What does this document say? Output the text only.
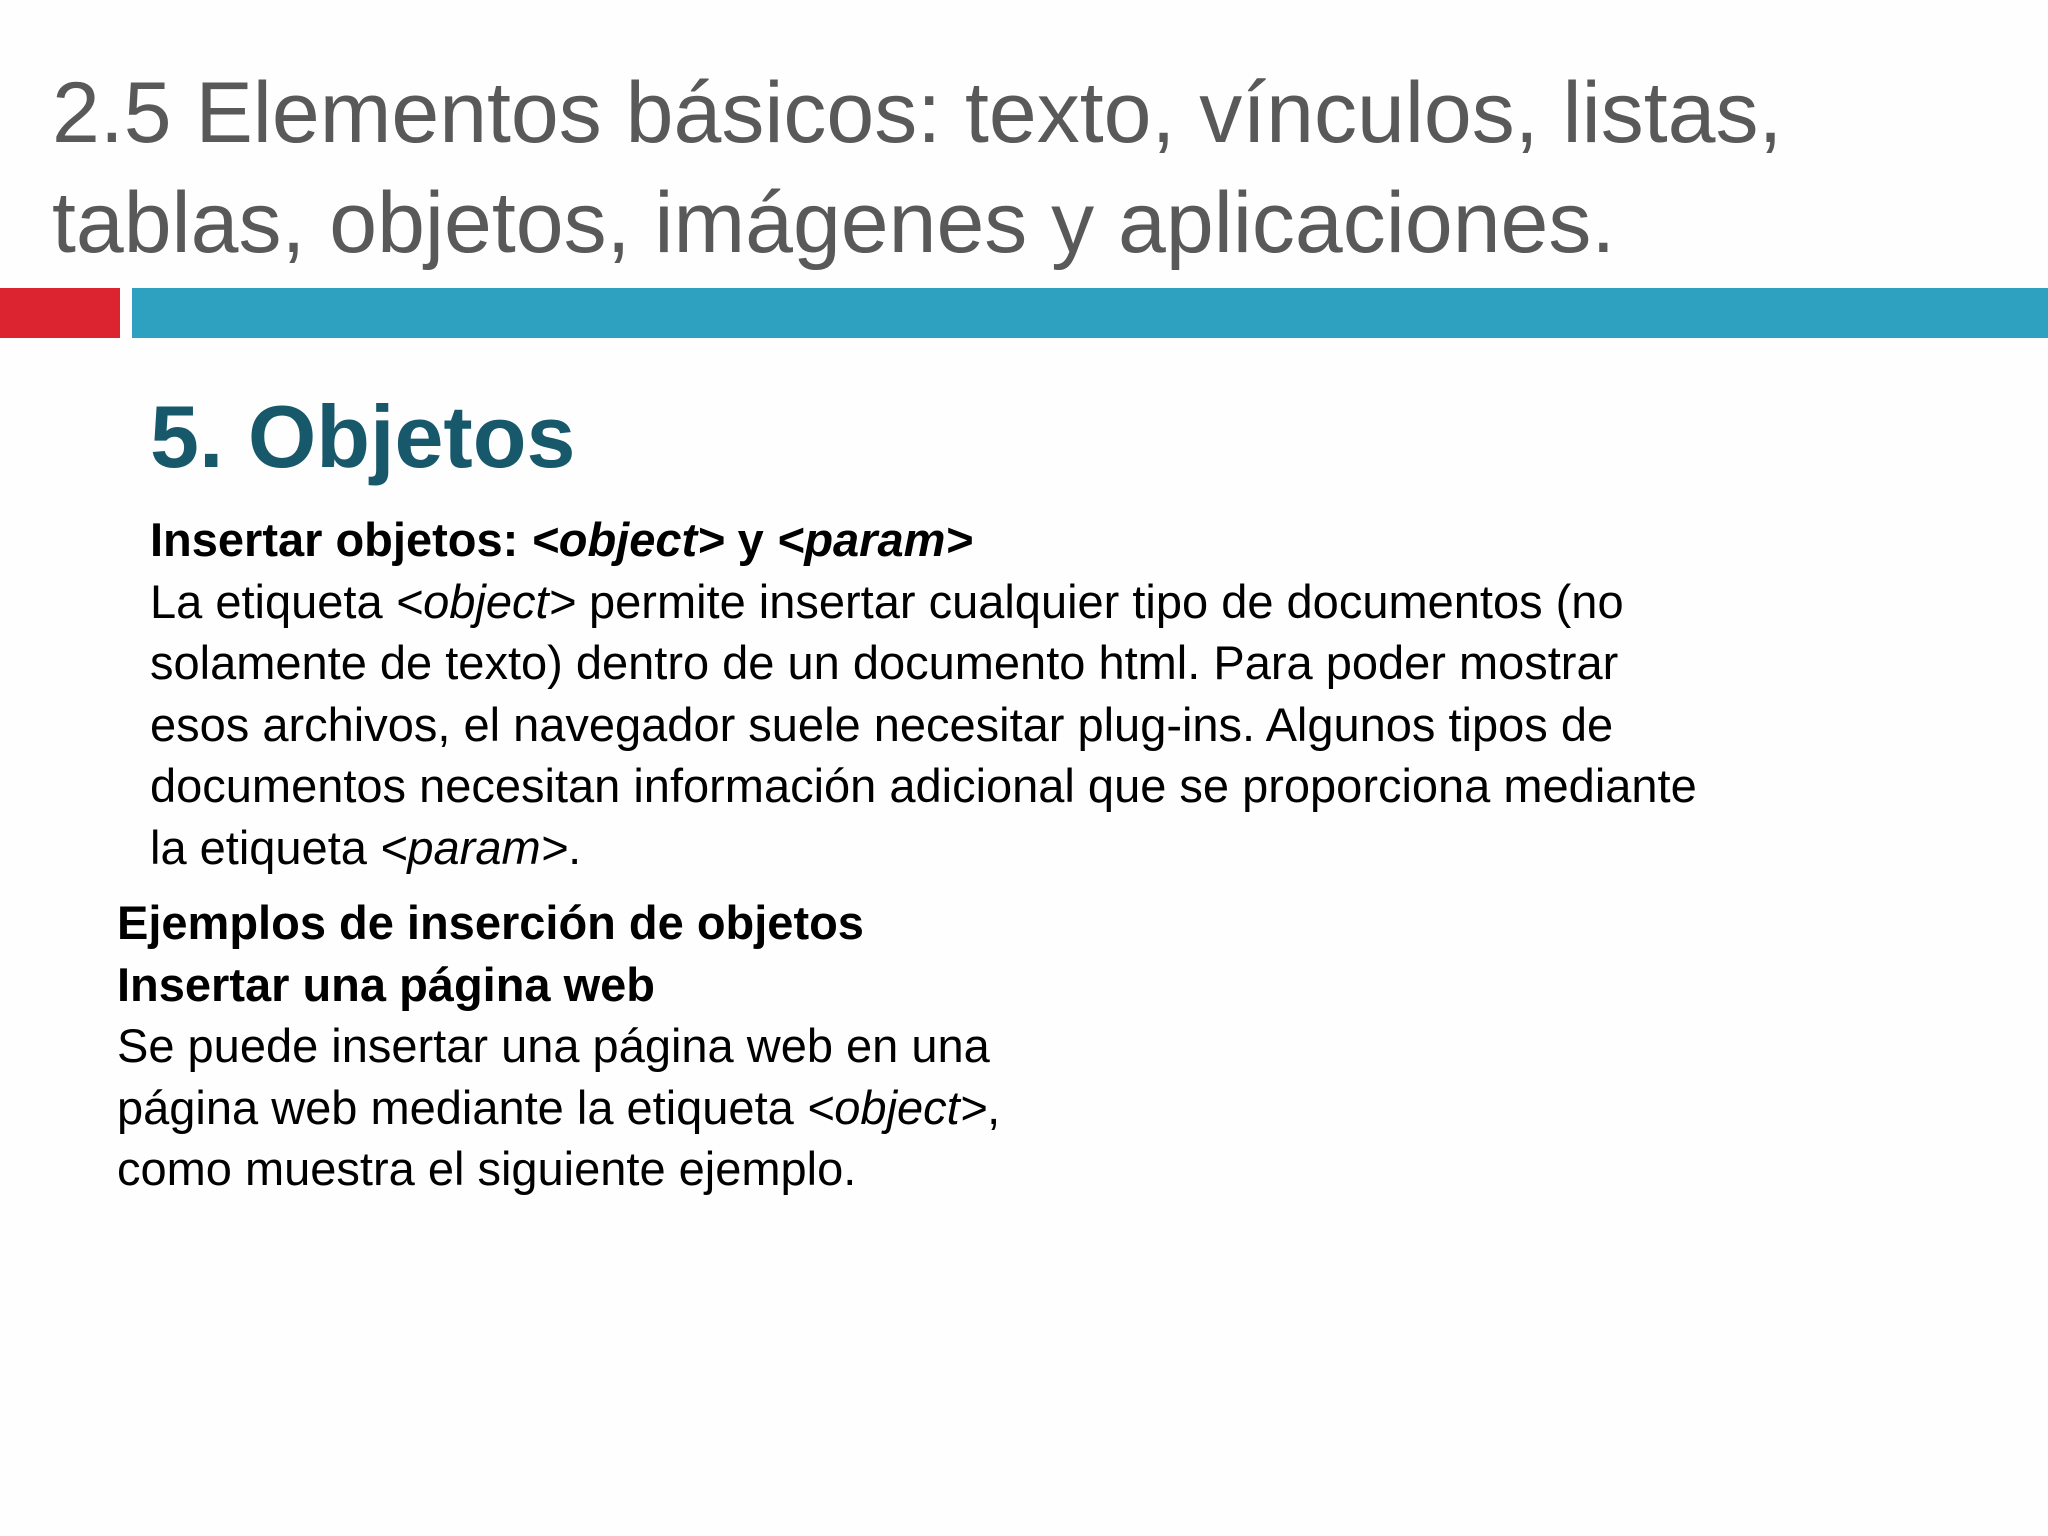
2.5 Elementos básicos: texto, vínculos, listas,
tablas, objetos, imágenes y aplicaciones.
5. Objetos

Insertar objetos: <object> y <param>

La etiqueta <object> permite insertar cualquier tipo de documentos (no

solamente de texto) dentro de un documento html. Para poder mostrar

esos archivos, el navegador suele necesitar plug-ins. Algunos tipos de

documentos necesitan información adicional que se proporciona mediante

la etiqueta <param>.

Ejemplos de inserción de objetos

Insertar una página web

Se puede insertar una página web en una

página web mediante la etiqueta <object>,

como muestra el siguiente ejemplo.
